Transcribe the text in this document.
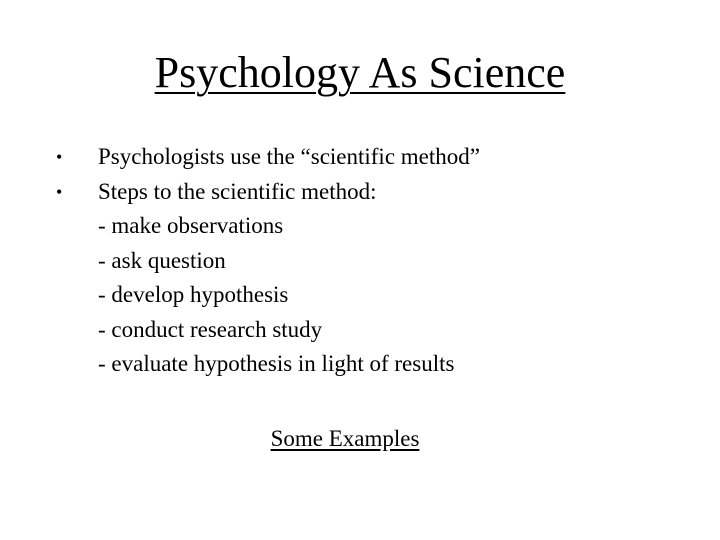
Psychology As Science
• Psychologists use the “scientific method”
• Steps to the scientific method:
- make observations
- ask question
- develop hypothesis
- conduct research study
- evaluate hypothesis in light of results
Some Examples
